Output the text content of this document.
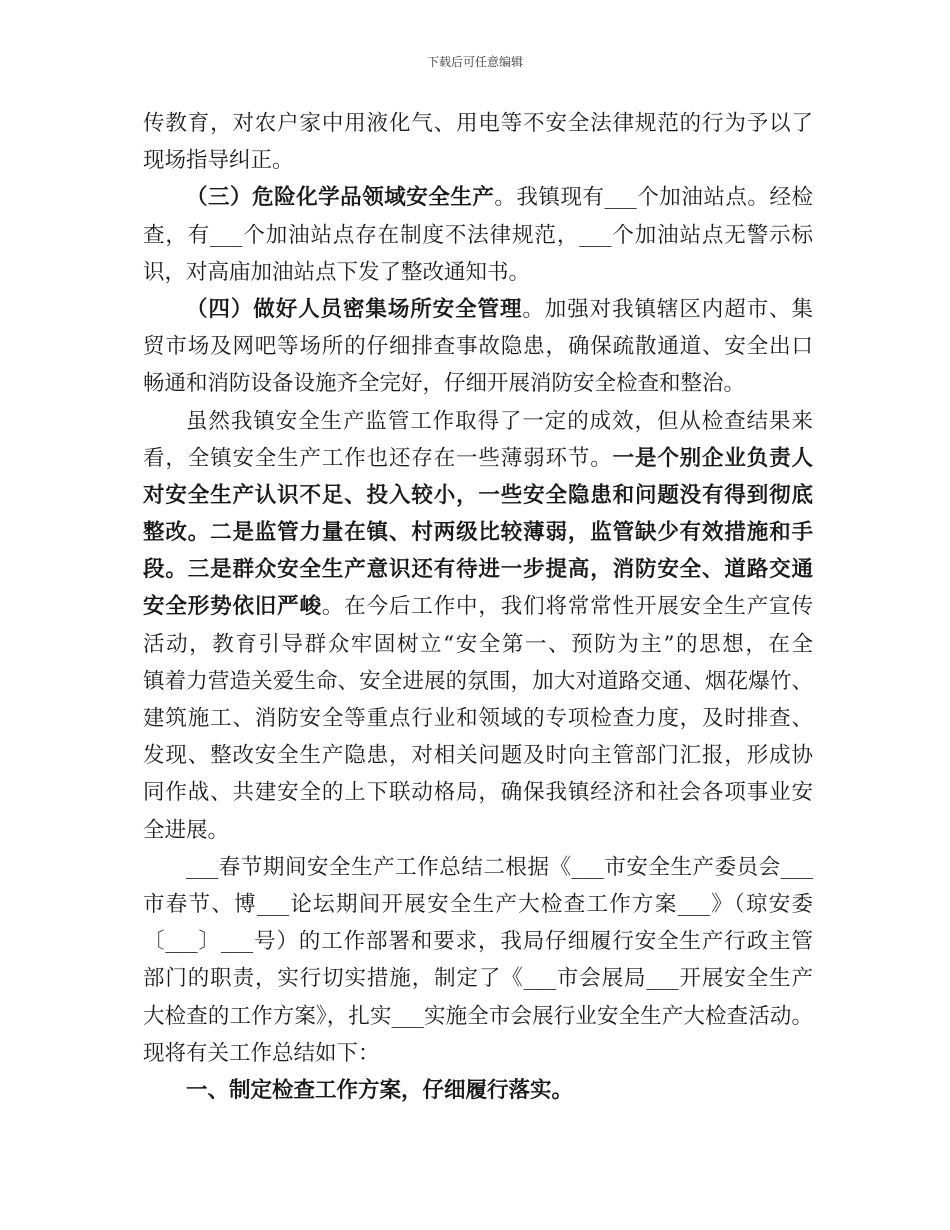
下载后可任意编辑
传教育，对农户家中用液化气、用电等不安全法律规范的行为予以了
现场指导纠正。
（三）危险化学品领域安全生产。我镇现有___个加油站点。经检
查，有___个加油站点存在制度不法律规范，___个加油站点无警示标
识，对高庙加油站点下发了整改通知书。
（四）做好人员密集场所安全管理。加强对我镇辖区内超市、集
贸市场及网吧等场所的仔细排查事故隐患，确保疏散通道、安全出口
畅通和消防设备设施齐全完好，仔细开展消防安全检查和整治。
虽然我镇安全生产监管工作取得了一定的成效，但从检查结果来
看，全镇安全生产工作也还存在一些薄弱环节。一是个别企业负责人
对安全生产认识不足、投入较小，一些安全隐患和问题没有得到彻底
整改。二是监管力量在镇、村两级比较薄弱，监管缺少有效措施和手
段。三是群众安全生产意识还有待进一步提高，消防安全、道路交通
安全形势依旧严峻。在今后工作中，我们将常常性开展安全生产宣传
活动，教育引导群众牢固树立“安全第一、预防为主”的思想，在全
镇着力营造关爱生命、安全进展的氛围，加大对道路交通、烟花爆竹、
建筑施工、消防安全等重点行业和领域的专项检查力度，及时排查、
发现、整改安全生产隐患，对相关问题及时向主管部门汇报，形成协
同作战、共建安全的上下联动格局，确保我镇经济和社会各项事业安
全进展。
___春节期间安全生产工作总结二根据《___市安全生产委员会___
市春节、博___论坛期间开展安全生产大检查工作方案___》（琼安委
〔___〕___号）的工作部署和要求，我局仔细履行安全生产行政主管
部门的职责，实行切实措施，制定了《___市会展局___开展安全生产
大检查的工作方案》，扎实___实施全市会展行业安全生产大检查活动。
现将有关工作总结如下：
一、制定检查工作方案，仔细履行落实。
